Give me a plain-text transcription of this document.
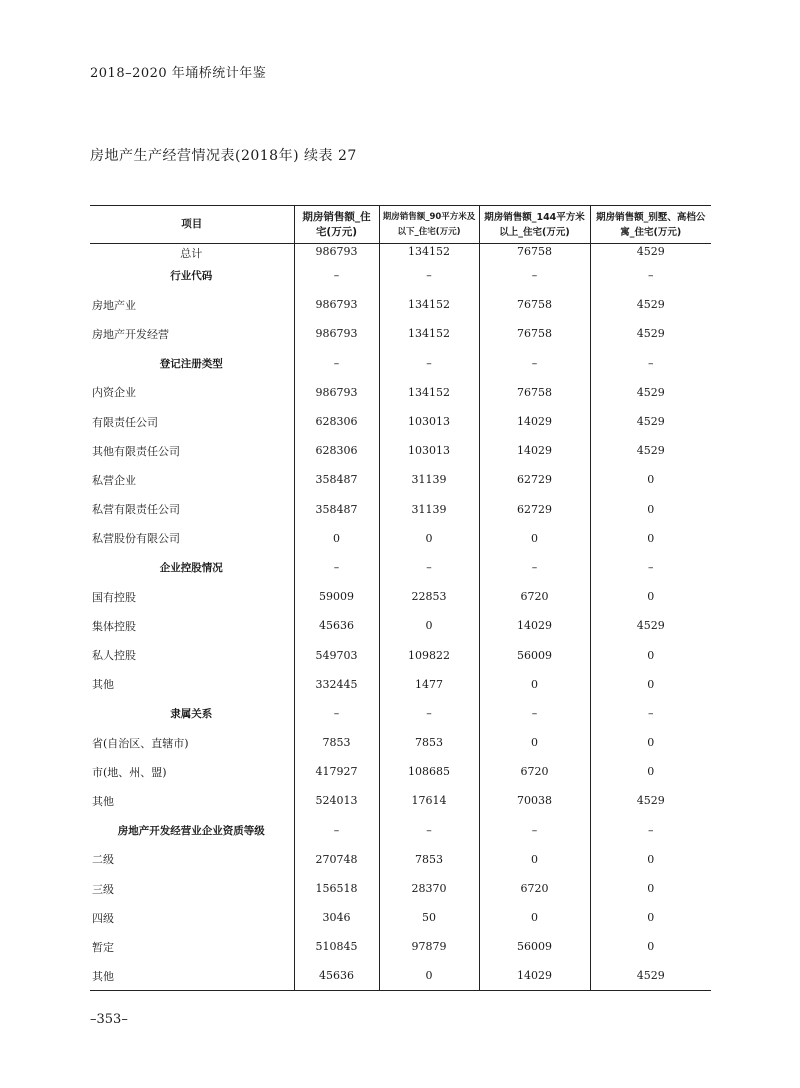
2018–2020 年埇桥统计年鉴
房地产生产经营情况表(2018年) 续表 27
项目	期房销售额_住宅(万元)	期房销售额_90平方米及以下_住宅(万元)	期房销售额_144平方米以上_住宅(万元)	期房销售额_别墅、高档公寓_住宅(万元)
总计	986793	134152	76758	4529
行业代码	–	–	–	–
房地产业	986793	134152	76758	4529
房地产开发经营	986793	134152	76758	4529
登记注册类型	–	–	–	–
内资企业	986793	134152	76758	4529
有限责任公司	628306	103013	14029	4529
其他有限责任公司	628306	103013	14029	4529
私营企业	358487	31139	62729	0
私营有限责任公司	358487	31139	62729	0
私营股份有限公司	0	0	0	0
企业控股情况	–	–	–	–
国有控股	59009	22853	6720	0
集体控股	45636	0	14029	4529
私人控股	549703	109822	56009	0
其他	332445	1477	0	0
隶属关系	–	–	–	–
省(自治区、直辖市)	7853	7853	0	0
市(地、州、盟)	417927	108685	6720	0
其他	524013	17614	70038	4529
房地产开发经营业企业资质等级	–	–	–	–
二级	270748	7853	0	0
三级	156518	28370	6720	0
四级	3046	50	0	0
暂定	510845	97879	56009	0
其他	45636	0	14029	4529
–353–
